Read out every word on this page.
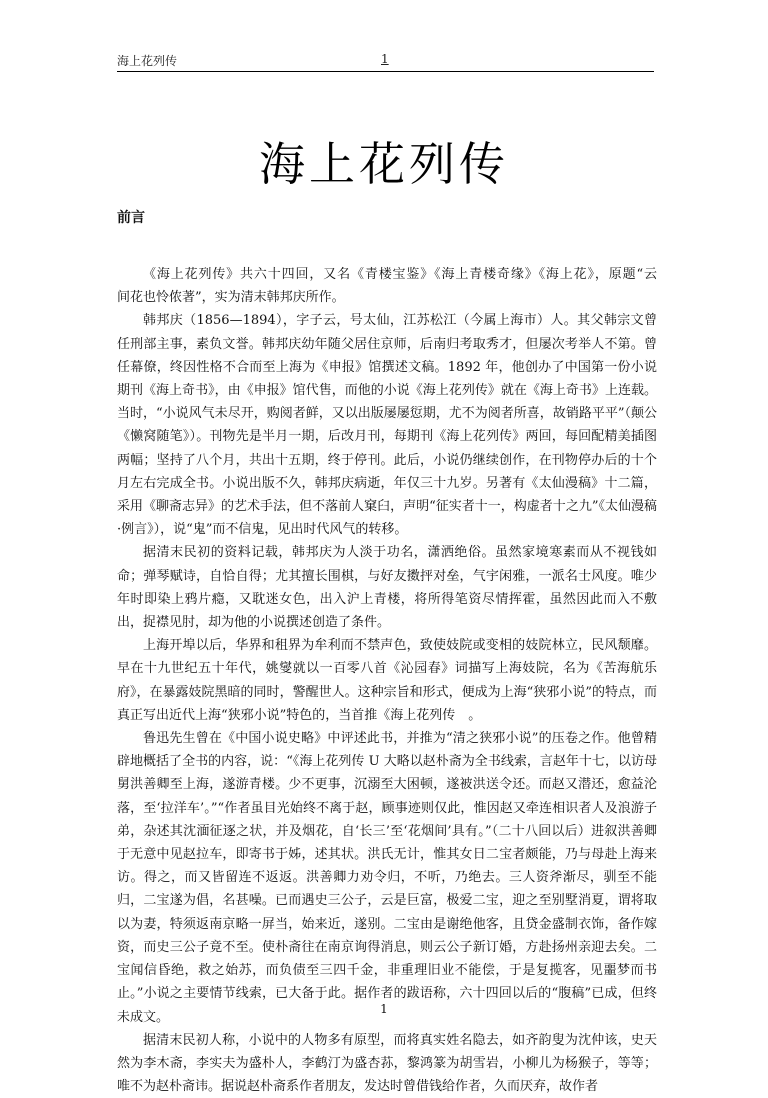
海上花列传	1
海上花列传
前言

《海上花列传》共六十四回，又名《青楼宝鉴》《海上青楼奇缘》《海上花》，原题“云　　间花也怜侬著”，实为清末韩邦庆所作。

韩邦庆（1856—1894），字子云，号太仙，江苏松江（今属上海市）人。其父韩宗文曾任刑部主事，素负文誉。韩邦庆幼年随父居住京师，后南归考取秀才，但屡次考举人不第。曾任幕僚，终因性格不合而至上海为《申报》馆撰述文稿。1892 年，他创办了中国第一份小说期刊《海上奇书》，由《申报》馆代售，而他的小说《海上花列传》就在《海上奇书》上连载。当时，“小说风气未尽开，购阅者鲜，又以出版屡屡愆期，尤不为阅者所喜，故销路平平”（颠公《懒窝随笔》）。刊物先是半月一期，后改月刊，每期刊《海上花列传》两回，每回配精美插图两幅；坚持了八个月，共出十五期，终于停刊。此后，小说仍继续创作，在刊物停办后的十个月左右完成全书。小说出版不久，韩邦庆病逝，年仅三十九岁。另著有《太仙漫稿》十二篇，采用《聊斋志异》的艺术手法，但不落前人窠臼，声明“征实者十一，构虚者十之九”《太仙漫稿·例言》），说“鬼”而不信鬼，见出时代风气的转移。

据清末民初的资料记载，韩邦庆为人淡于功名，潇洒绝俗。虽然家境寒素而从不视钱如命；弹琴赋诗，自恰自得；尤其擅长围棋，与好友擞抨对垒，气宇闲雅，一派名士风度。唯少年时即染上鸦片瘾，又耽迷女色，出入沪上青楼，将所得笔资尽情挥霍，虽然因此而入不敷出，捉襟见肘，却为他的小说撰述创造了条件。

上海开埠以后，华界和租界为牟利而不禁声色，致使妓院或变相的妓院林立，民风颓靡。早在十九世纪五十年代，姚燮就以一百零八首《沁园春》词描写上海妓院，名为《苦海航乐府》，在暴露妓院黑暗的同时，警醒世人。这种宗旨和形式，便成为上海“狭邪小说”的特点，而真正写出近代上海“狭邪小说”特色的，当首推《海上花列传　。

鲁迅先生曾在《中国小说史略》中评述此书，并推为“清之狭邪小说”的压卷之作。他曾精辟地概括了全书的内容，说：“《海上花列传 U 大略以赵朴斋为全书线索，言赵年十七，以访母舅洪善卿至上海，遂游青楼。少不更事，沉溺至大困顿，遂被洪送令还。而赵又潜还，愈益沦落，至‘拉洋车’。”“作者虽目光始终不离于赵，顾事迹则仅此，惟因赵又牵连相识者人及浪游子弟，杂述其沈湎征逐之状，并及烟花，自‘长三’至‘花烟间’具有。”（二十八回以后）进叙洪善卿于无意中见赵拉车，即寄书于姊，述其状。洪氏无计，惟其女日二宝者颇能，乃与母赴上海来访。得之，而又皆留连不返返。洪善卿力劝令归，不听，乃绝去。三人资斧渐尽，驯至不能归，二宝遂为倡，名甚噪。已而遇史三公子，云是巨富，极爱二宝，迎之至别墅消夏，谓将取以为妻，特须返南京略一屏当，始来近，遂别。二宝由是谢绝他客，且贷金盛制衣饰，备作嫁资，而史三公子竟不至。使朴斋往在南京询得消息，则云公子新订婚，方赴扬州亲迎去矣。二宝闻信昏绝，救之始苏，而负债至三四千金，非重理旧业不能偿，于是复揽客，见噩梦而书止。”小说之主要情节线索，已大备于此。据作者的跋语称，六十四回以后的“腹稿”已成，但终未成文。

据清末民初人称，小说中的人物多有原型，而将真实姓名隐去，如齐韵叟为沈仲该，史天然为李木斋，李实夫为盛朴人，李鹤汀为盛杏荪，黎鸿篆为胡雪岩，小柳儿为杨猴子，等等；唯不为赵朴斋讳。据说赵朴斋系作者朋友，发达时曾借钱给作者，久而厌弃，故作者

1
